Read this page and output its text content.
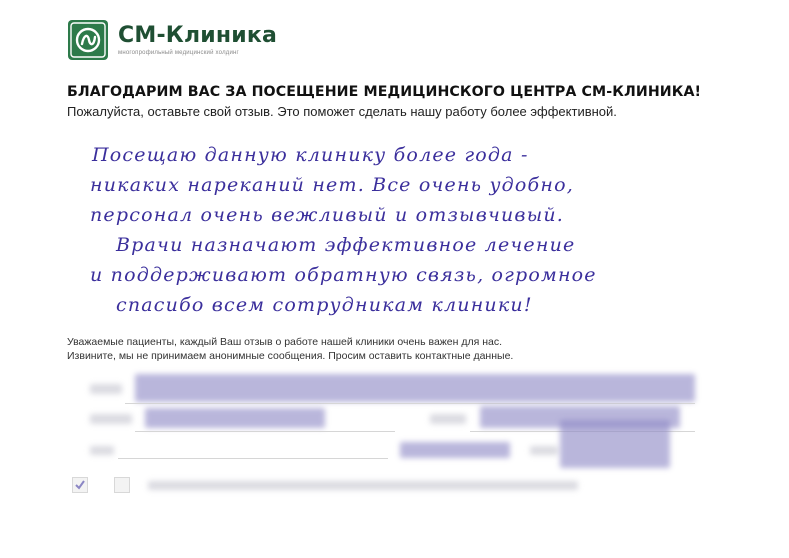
СМ-Клиника
многопрофильный медицинский холдинг
БЛАГОДАРИМ ВАС ЗА ПОСЕЩЕНИЕ МЕДИЦИНСКОГО ЦЕНТРА СМ-КЛИНИКА!
Пожалуйста, оставьте свой отзыв. Это поможет сделать нашу работу более эффективной.
Посещаю данную клинику более года -
никаких нареканий нет. Все очень удобно,
персонал очень вежливый и отзывчивый.
Врачи назначают эффективное лечение
и поддерживают обратную связь, огромное
спасибо всем сотрудникам клиники!
Уважаемые пациенты, каждый Ваш отзыв о работе нашей клиники очень важен для нас.
Извините, мы не принимаем анонимные сообщения. Просим оставить контактные данные.
